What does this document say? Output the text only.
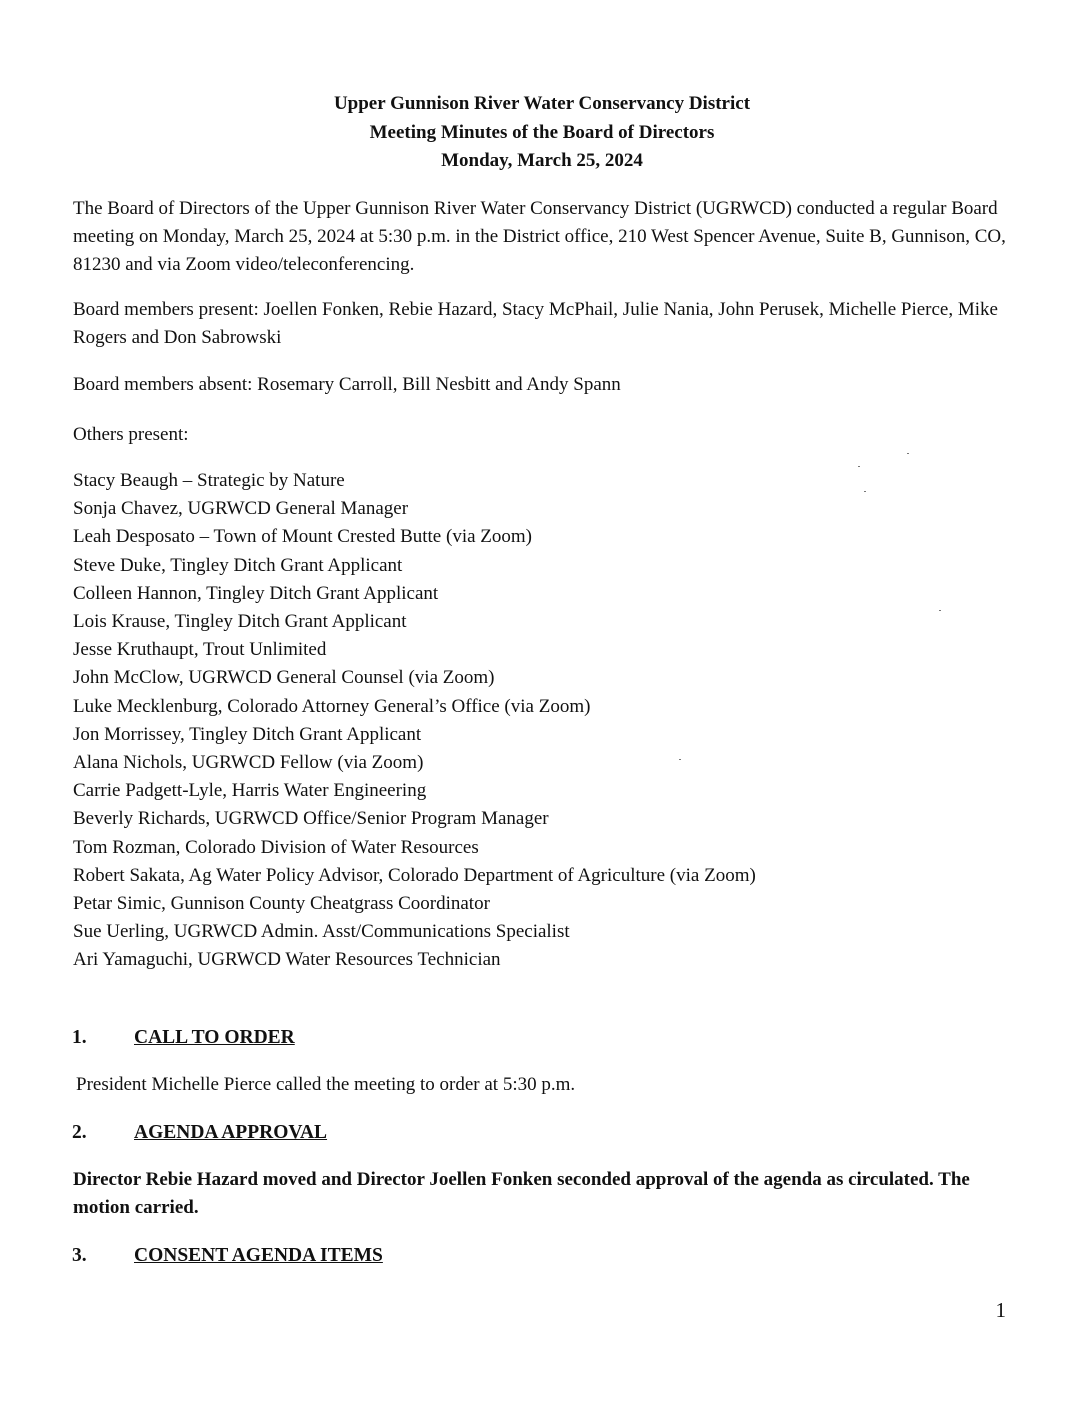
Upper Gunnison River Water Conservancy District
Meeting Minutes of the Board of Directors
Monday, March 25, 2024
The Board of Directors of the Upper Gunnison River Water Conservancy District (UGRWCD) conducted a regular Board meeting on Monday, March 25, 2024 at 5:30 p.m. in the District office, 210 West Spencer Avenue, Suite B, Gunnison, CO, 81230 and via Zoom video/teleconferencing.
Board members present: Joellen Fonken, Rebie Hazard, Stacy McPhail, Julie Nania, John Perusek, Michelle Pierce, Mike Rogers and Don Sabrowski
Board members absent: Rosemary Carroll, Bill Nesbitt and Andy Spann
Others present:
Stacy Beaugh – Strategic by Nature
Sonja Chavez, UGRWCD General Manager
Leah Desposato – Town of Mount Crested Butte (via Zoom)
Steve Duke, Tingley Ditch Grant Applicant
Colleen Hannon, Tingley Ditch Grant Applicant
Lois Krause, Tingley Ditch Grant Applicant
Jesse Kruthaupt, Trout Unlimited
John McClow, UGRWCD General Counsel (via Zoom)
Luke Mecklenburg, Colorado Attorney General’s Office (via Zoom)
Jon Morrissey, Tingley Ditch Grant Applicant
Alana Nichols, UGRWCD Fellow (via Zoom)
Carrie Padgett-Lyle, Harris Water Engineering
Beverly Richards, UGRWCD Office/Senior Program Manager
Tom Rozman, Colorado Division of Water Resources
Robert Sakata, Ag Water Policy Advisor, Colorado Department of Agriculture (via Zoom)
Petar Simic, Gunnison County Cheatgrass Coordinator
Sue Uerling, UGRWCD Admin. Asst/Communications Specialist
Ari Yamaguchi, UGRWCD Water Resources Technician
1. CALL TO ORDER
President Michelle Pierce called the meeting to order at 5:30 p.m.
2. AGENDA APPROVAL
Director Rebie Hazard moved and Director Joellen Fonken seconded approval of the agenda as circulated. The motion carried.
3. CONSENT AGENDA ITEMS
1
